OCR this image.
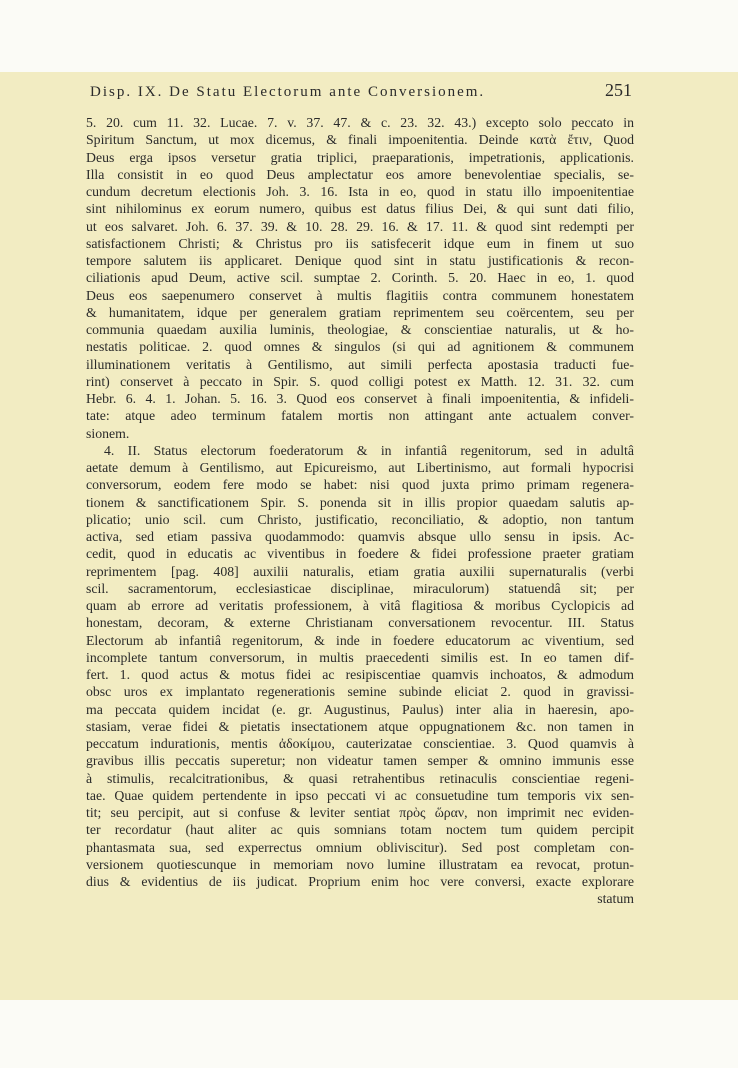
Disp. IX. De Statu Electorum ante Conversionem.	251
5. 20. cum 11. 32. Lucae. 7. v. 37. 47. & c. 23. 32. 43.) excepto solo peccato in
Spiritum Sanctum, ut mox dicemus, & finali impoenitentia. Deinde κατὰ ἔτιν, Quod
Deus erga ipsos versetur gratia triplici, praeparationis, impetrationis, applicationis.
Illa consistit in eo quod Deus amplectatur eos amore benevolentiae specialis, se-
cundum decretum electionis Joh. 3. 16. Ista in eo, quod in statu illo impoenitentiae
sint nihilominus ex eorum numero, quibus est datus filius Dei, & qui sunt dati filio,
ut eos salvaret. Joh. 6. 37. 39. & 10. 28. 29. 16. & 17. 11. & quod sint redempti per
satisfactionem Christi; & Christus pro iis satisfecerit idque eum in finem ut suo
tempore salutem iis applicaret. Denique quod sint in statu justificationis & recon-
ciliationis apud Deum, active scil. sumptae 2. Corinth. 5. 20. Haec in eo, 1. quod
Deus eos saepenumero conservet à multis flagitiis contra communem honestatem
& humanitatem, idque per generalem gratiam reprimentem seu coërcentem, seu per
communia quaedam auxilia luminis, theologiae, & conscientiae naturalis, ut & ho-
nestatis politicae. 2. quod omnes & singulos (si qui ad agnitionem & communem
illuminationem veritatis à Gentilismo, aut simili perfecta apostasia traducti fue-
rint) conservet à peccato in Spir. S. quod colligi potest ex Matth. 12. 31. 32. cum
Hebr. 6. 4. 1. Johan. 5. 16. 3. Quod eos conservet à finali impoenitentia, & infideli-
tate: atque adeo terminum fatalem mortis non attingant ante actualem conver-
sionem.
4. II. Status electorum foederatorum & in infantiâ regenitorum, sed in adultâ
aetate demum à Gentilismo, aut Epicureismo, aut Libertinismo, aut formali hypocrisi
conversorum, eodem fere modo se habet: nisi quod juxta primo primam regenera-
tionem & sanctificationem Spir. S. ponenda sit in illis propior quaedam salutis ap-
plicatio; unio scil. cum Christo, justificatio, reconciliatio, & adoptio, non tantum
activa, sed etiam passiva quodammodo: quamvis absque ullo sensu in ipsis. Ac-
cedit, quod in educatis ac viventibus in foedere & fidei professione praeter gratiam
reprimentem [pag. 408] auxilii naturalis, etiam gratia auxilii supernaturalis (verbi
scil. sacramentorum, ecclesiasticae disciplinae, miraculorum) statuendâ sit; per
quam ab errore ad veritatis professionem, à vitâ flagitiosa & moribus Cyclopicis ad
honestam, decoram, & externe Christianam conversationem revocentur. III. Status
Electorum ab infantiâ regenitorum, & inde in foedere educatorum ac viventium, sed
incomplete tantum conversorum, in multis praecedenti similis est. In eo tamen dif-
fert. 1. quod actus & motus fidei ac resipiscentiae quamvis inchoatos, & admodum
obsc uros ex implantato regenerationis semine subinde eliciat 2. quod in gravissi-
ma peccata quidem incidat (e. gr. Augustinus, Paulus) inter alia in haeresin, apo-
stasiam, verae fidei & pietatis insectationem atque oppugnationem &c. non tamen in
peccatum indurationis, mentis ἀδοκίμου, cauterizatae conscientiae. 3. Quod quamvis à
gravibus illis peccatis superetur; non videatur tamen semper & omnino immunis esse
à stimulis, recalcitrationibus, & quasi retrahentibus retinaculis conscientiae regeni-
tae. Quae quidem pertendente in ipso peccati vi ac consuetudine tum temporis vix sen-
tit; seu percipit, aut si confuse & leviter sentiat πρὸς ὥραν, non imprimit nec eviden-
ter recordatur (haut aliter ac quis somnians totam noctem tum quidem percipit
phantasmata sua, sed experrectus omnium obliviscitur). Sed post completam con-
versionem quotiescunque in memoriam novo lumine illustratam ea revocat, protun-
dius & evidentius de iis judicat. Proprium enim hoc vere conversi, exacte explorare
statum
